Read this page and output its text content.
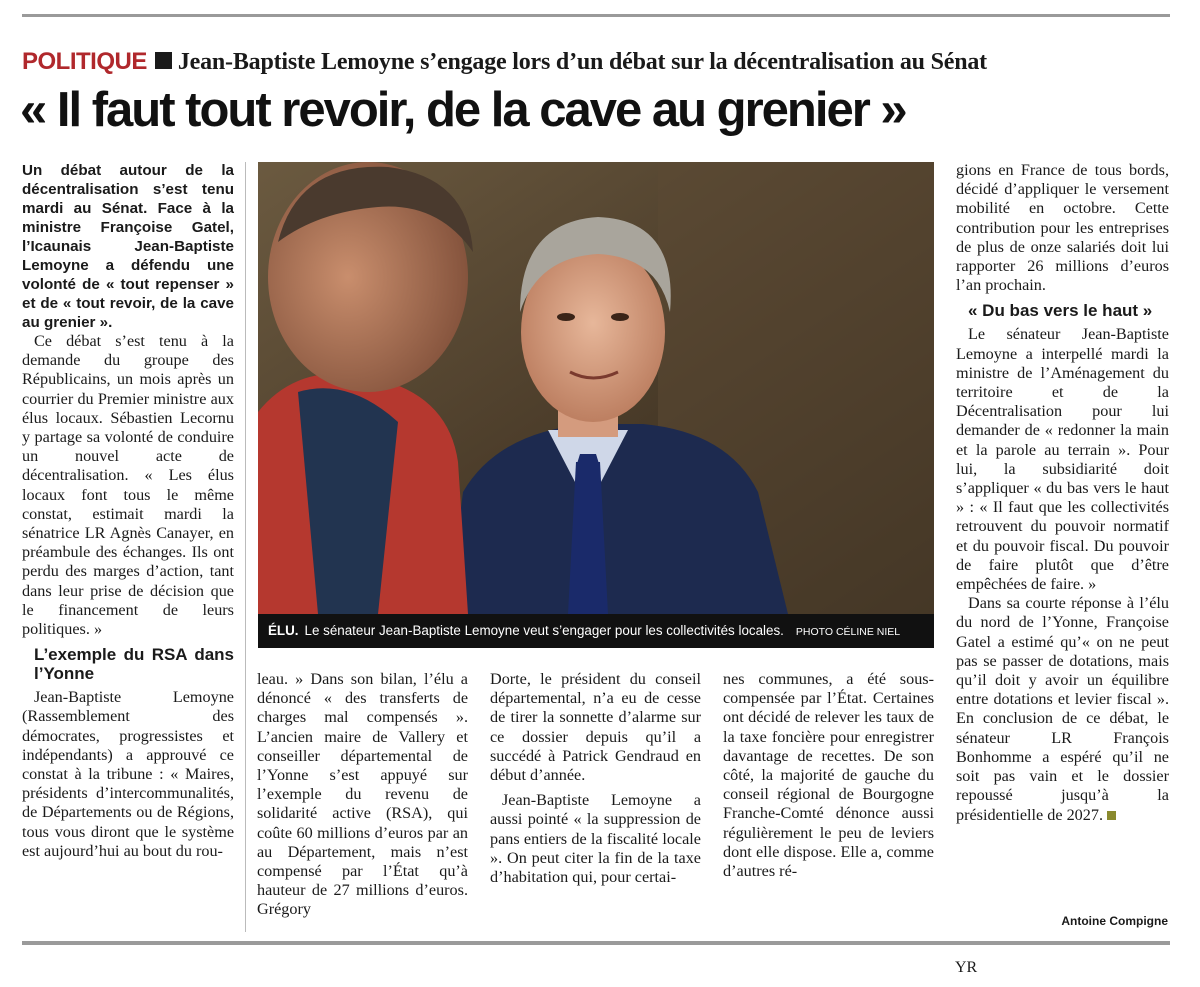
POLITIQUE Jean-Baptiste Lemoyne s’engage lors d’un débat sur la décentralisation au Sénat
« Il faut tout revoir, de la cave au grenier »

Un débat autour de la décentralisation s’est tenu mardi au Sénat. Face à la ministre Françoise Gatel, l’Icaunais Jean-Baptiste Lemoyne a défendu une volonté de « tout repenser » et de « tout revoir, de la cave au grenier ».

Ce débat s’est tenu à la demande du groupe des Républicains, un mois après un courrier du Premier ministre aux élus locaux. Sébastien Lecornu y partage sa volonté de conduire un nouvel acte de décentralisation. « Les élus locaux font tous le même constat, estimait mardi la sénatrice LR Agnès Canayer, en préambule des échanges. Ils ont perdu des marges d’action, tant dans leur prise de décision que le financement de leurs politiques. »

L’exemple du RSA dans l’Yonne

Jean-Baptiste Lemoyne (Rassemblement des démocrates, progressistes et indépendants) a approuvé ce constat à la tribune : « Maires, présidents d’intercommunalités, de Départements ou de Régions, tous vous diront que le système est aujourd’hui au bout du rou-

ÉLU. Le sénateur Jean-Baptiste Lemoyne veut s’engager pour les collectivités locales. PHOTO CÉLINE NIEL

leau. » Dans son bilan, l’élu a dénoncé « des transferts de charges mal compensés ». L’ancien maire de Vallery et conseiller départemental de l’Yonne s’est appuyé sur l’exemple du revenu de solidarité active (RSA), qui coûte 60 millions d’euros par an au Département, mais n’est compensé par l’État qu’à hauteur de 27 millions d’euros. Grégory

Dorte, le président du conseil départemental, n’a eu de cesse de tirer la sonnette d’alarme sur ce dossier depuis qu’il a succédé à Patrick Gendraud en début d’année.

Jean-Baptiste Lemoyne a aussi pointé « la suppression de pans entiers de la fiscalité locale ». On peut citer la fin de la taxe d’habitation qui, pour certai-

nes communes, a été sous-compensée par l’État. Certaines ont décidé de relever les taux de la taxe foncière pour enregistrer davantage de recettes. De son côté, la majorité de gauche du conseil régional de Bourgogne Franche-Comté dénonce aussi régulièrement le peu de leviers dont elle dispose. Elle a, comme d’autres ré-

gions en France de tous bords, décidé d’appliquer le versement mobilité en octobre. Cette contribution pour les entreprises de plus de onze salariés doit lui rapporter 26 millions d’euros l’an prochain.

« Du bas vers le haut »

Le sénateur Jean-Baptiste Lemoyne a interpellé mardi la ministre de l’Aménagement du territoire et de la Décentralisation pour lui demander de « redonner la main et la parole au terrain ». Pour lui, la subsidiarité doit s’appliquer « du bas vers le haut » : « Il faut que les collectivités retrouvent du pouvoir normatif et du pouvoir fiscal. Du pouvoir de faire plutôt que d’être empêchées de faire. »

Dans sa courte réponse à l’élu du nord de l’Yonne, Françoise Gatel a estimé qu’« on ne peut pas se passer de dotations, mais qu’il doit y avoir un équilibre entre dotations et levier fiscal ». En conclusion de ce débat, le sénateur LR François Bonhomme a espéré qu’il ne soit pas vain et le dossier repoussé jusqu’à la présidentielle de 2027.

Antoine Compigne
YR
